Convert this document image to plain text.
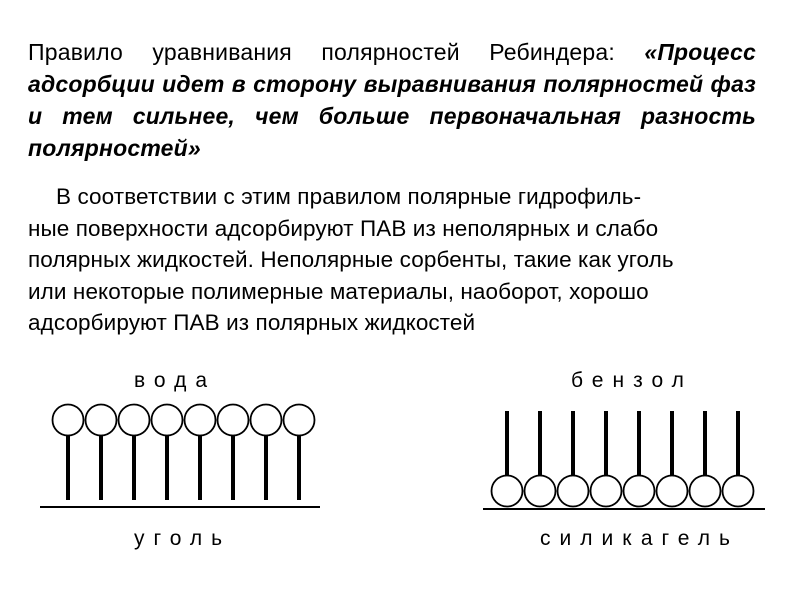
Правило уравнивания полярностей Ребиндера: «Процесс адсорбции идет в сторону выравнивания полярностей фаз и тем сильнее, чем больше первоначальная разность полярностей»
В соответствии с этим правилом полярные гидрофиль-
ные поверхности адсорбируют ПАВ из неполярных и слабо
полярных жидкостей. Неполярные сорбенты, такие как уголь
или некоторые полимерные материалы, наоборот, хорошо
адсорбируют ПАВ из полярных жидкостей
вода
уголь
бензол
силикагель
